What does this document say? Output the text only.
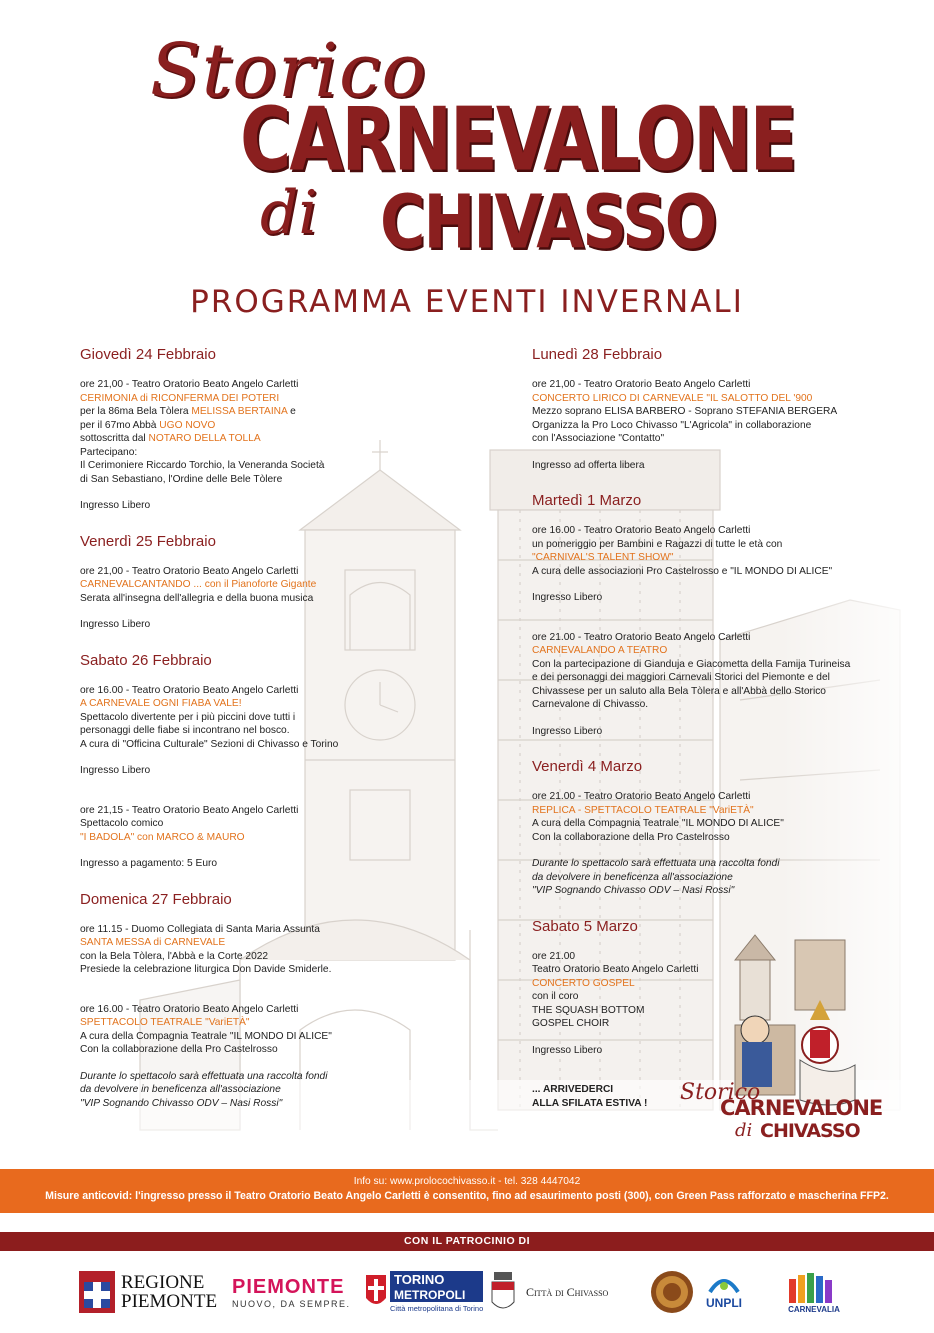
Storico
CARNEVALONE
di CHIVASSO
PROGRAMMA EVENTI INVERNALI
Giovedì 24 Febbraio

ore 21,00 - Teatro Oratorio Beato Angelo Carletti

CERIMONIA di RICONFERMA DEI POTERI

per la 86ma Bela Tòlera MELISSA BERTAINA e

per il 67mo Abbà UGO NOVO

sottoscritta dal NOTARO DELLA TOLLA

Partecipano:

Il Cerimoniere Riccardo Torchio, la Veneranda Società

di San Sebastiano, l'Ordine delle Bele Tòlere

Ingresso Libero

Venerdì 25 Febbraio

ore 21,00 - Teatro Oratorio Beato Angelo Carletti

CARNEVALCANTANDO ... con il Pianoforte Gigante

Serata all'insegna dell'allegria e della buona musica

Ingresso Libero

Sabato 26 Febbraio

ore 16.00 - Teatro Oratorio Beato Angelo Carletti

A CARNEVALE OGNI FIABA VALE!

Spettacolo divertente per i più piccini dove tutti i

personaggi delle fiabe si incontrano nel bosco.

A cura di "Officina Culturale" Sezioni di Chivasso e Torino

Ingresso Libero

ore 21,15 - Teatro Oratorio Beato Angelo Carletti

Spettacolo comico

"I BADOLA" con MARCO & MAURO

Ingresso a pagamento: 5 Euro

Domenica 27 Febbraio

ore 11.15 - Duomo Collegiata di Santa Maria Assunta

SANTA MESSA di CARNEVALE

con la Bela Tòlera, l'Abbà e la Corte 2022

Presiede la celebrazione liturgica Don Davide Smiderle.

ore 16.00 - Teatro Oratorio Beato Angelo Carletti

SPETTACOLO TEATRALE "VariETÀ"

A cura della Compagnia Teatrale "IL MONDO DI ALICE"

Con la collaborazione della Pro Castelrosso

Durante lo spettacolo sarà effettuata una raccolta fondi

da devolvere in beneficenza all'associazione

"VIP Sognando Chivasso ODV – Nasi Rossi"

Lunedì 28 Febbraio

ore 21,00 - Teatro Oratorio Beato Angelo Carletti

CONCERTO LIRICO DI CARNEVALE "IL SALOTTO DEL '900

Mezzo soprano ELISA BARBERO - Soprano STEFANIA BERGERA

Organizza la Pro Loco Chivasso "L'Agricola" in collaborazione

con l'Associazione "Contatto"

Ingresso ad offerta libera

Martedì 1 Marzo

ore 16.00 - Teatro Oratorio Beato Angelo Carletti

un pomeriggio per Bambini e Ragazzi di tutte le età con

"CARNIVAL'S TALENT SHOW"

A cura delle associazioni Pro Castelrosso e "IL MONDO DI ALICE"

Ingresso Libero

ore 21.00 - Teatro Oratorio Beato Angelo Carletti

CARNEVALANDO A TEATRO

Con la partecipazione di Gianduja e Giacometta della Famija Turineisa

e dei personaggi dei maggiori Carnevali Storici del Piemonte e del

Chivassese per un saluto alla Bela Tòlera e all'Abbà dello Storico

Carnevalone di Chivasso.

Ingresso Libero

Venerdì 4 Marzo

ore 21.00 - Teatro Oratorio Beato Angelo Carletti

REPLICA - SPETTACOLO TEATRALE "VariETÀ"

A cura della Compagnia Teatrale "IL MONDO DI ALICE"

Con la collaborazione della Pro Castelrosso

Durante lo spettacolo sarà effettuata una raccolta fondi

da devolvere in beneficenza all'associazione

"VIP Sognando Chivasso ODV – Nasi Rossi"

Sabato 5 Marzo

ore 21.00

Teatro Oratorio Beato Angelo Carletti

CONCERTO GOSPEL

con il coro

THE SQUASH BOTTOM

GOSPEL CHOIR

Ingresso Libero

... ARRIVEDERCI

ALLA SFILATA ESTIVA !	Storico
CARNEVALONE
di CHIVASSO
Info su: www.prolocochivasso.it - tel. 328 4447042
Misure anticovid: l'ingresso presso il Teatro Oratorio Beato Angelo Carletti è consentito, fino ad esaurimento posti (300), con Green Pass rafforzato e mascherina FFP2.
CON IL PATROCINIO DI
REGIONE
PIEMONTE
PIEMONTE
NUOVO, DA SEMPRE.
TORINO
METROPOLI
Città metropolitana di Torino
Città di Chivasso
UNPLI	CARNEVALIA
